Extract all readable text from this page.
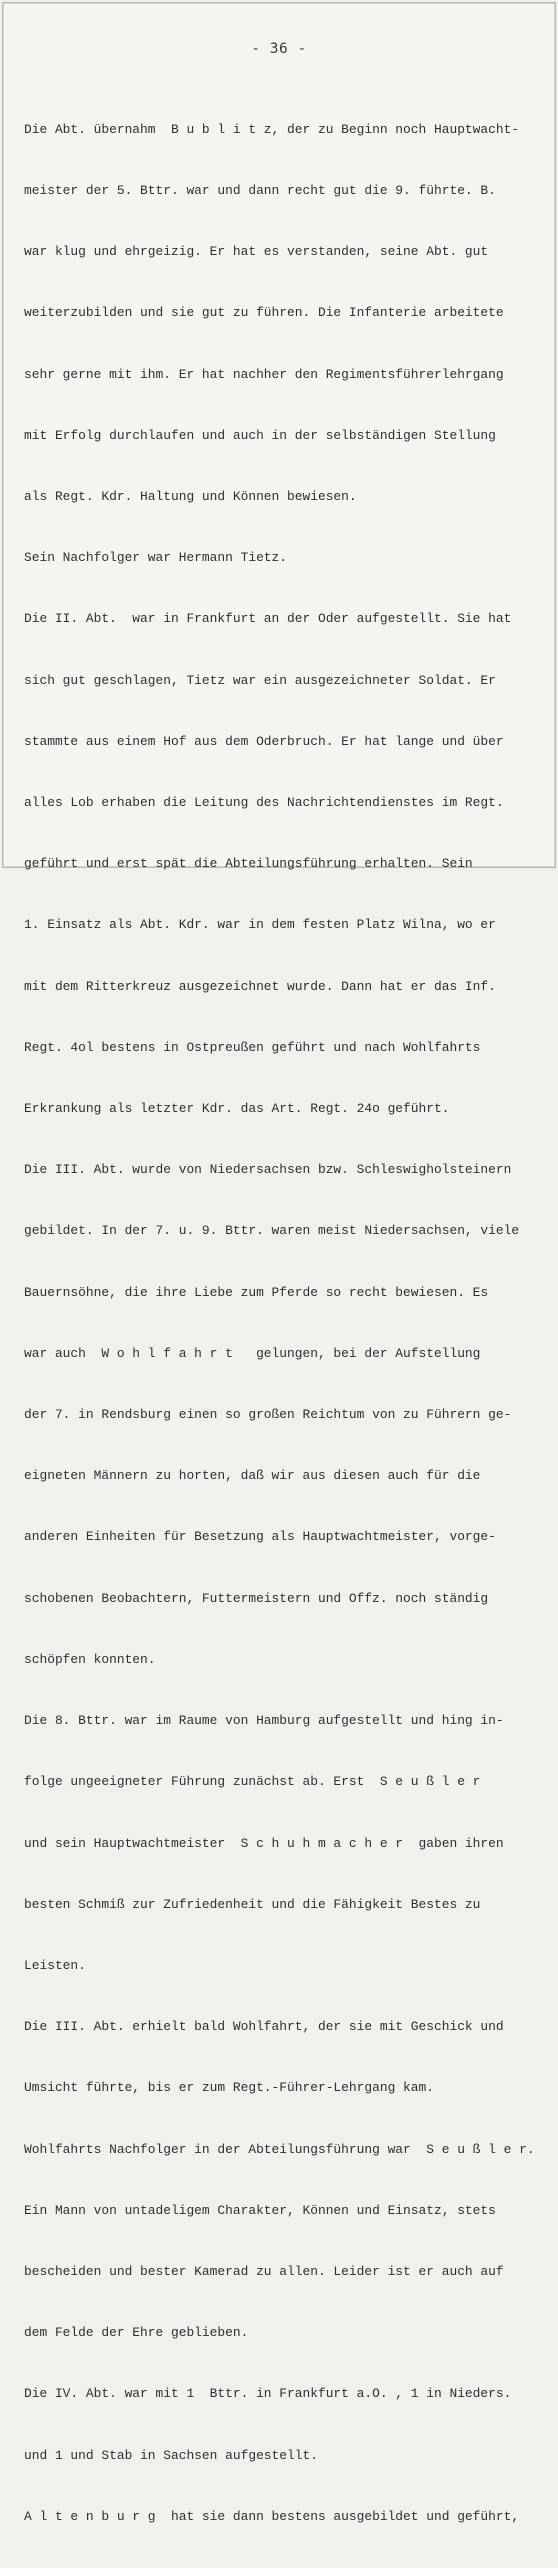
- 36 -

Die Abt. übernahm  B u b l i t z, der zu Beginn noch Hauptwacht-

meister der 5. Bttr. war und dann recht gut die 9. führte. B.

war klug und ehrgeizig. Er hat es verstanden, seine Abt. gut

weiterzubilden und sie gut zu führen. Die Infanterie arbeitete

sehr gerne mit ihm. Er hat nachher den Regimentsführerlehrgang

mit Erfolg durchlaufen und auch in der selbständigen Stellung

als Regt. Kdr. Haltung und Können bewiesen.

Sein Nachfolger war Hermann Tietz.

Die II. Abt.  war in Frankfurt an der Oder aufgestellt. Sie hat

sich gut geschlagen, Tietz war ein ausgezeichneter Soldat. Er

stammte aus einem Hof aus dem Oderbruch. Er hat lange und über

alles Lob erhaben die Leitung des Nachrichtendienstes im Regt.

geführt und erst spät die Abteilungsführung erhalten. Sein

1. Einsatz als Abt. Kdr. war in dem festen Platz Wilna, wo er

mit dem Ritterkreuz ausgezeichnet wurde. Dann hat er das Inf.

Regt. 4ol bestens in Ostpreußen geführt und nach Wohlfahrts

Erkrankung als letzter Kdr. das Art. Regt. 24o geführt.

Die III. Abt. wurde von Niedersachsen bzw. Schleswigholsteinern

gebildet. In der 7. u. 9. Bttr. waren meist Niedersachsen, viele

Bauernsöhne, die ihre Liebe zum Pferde so recht bewiesen. Es

war auch  W o h l f a h r t   gelungen, bei der Aufstellung

der 7. in Rendsburg einen so großen Reichtum von zu Führern ge-

eigneten Männern zu horten, daß wir aus diesen auch für die

anderen Einheiten für Besetzung als Hauptwachtmeister, vorge-

schobenen Beobachtern, Futtermeistern und Offz. noch ständig

schöpfen konnten.

Die 8. Bttr. war im Raume von Hamburg aufgestellt und hing in-

folge ungeeigneter Führung zunächst ab. Erst  S e u ß l e r

und sein Hauptwachtmeister  S c h u h m a c h e r  gaben ihren

besten Schmiß zur Zufriedenheit und die Fähigkeit Bestes zu

Leisten.

Die III. Abt. erhielt bald Wohlfahrt, der sie mit Geschick und

Umsicht führte, bis er zum Regt.-Führer-Lehrgang kam.

Wohlfahrts Nachfolger in der Abteilungsführung war  S e u ß l e r.

Ein Mann von untadeligem Charakter, Können und Einsatz, stets

bescheiden und bester Kamerad zu allen. Leider ist er auch auf

dem Felde der Ehre geblieben.

Die IV. Abt. war mit 1  Bttr. in Frankfurt a.O. , 1 in Nieders.

und 1 und Stab in Sachsen aufgestellt.

A l t e n b u r g  hat sie dann bestens ausgebildet und geführt,
